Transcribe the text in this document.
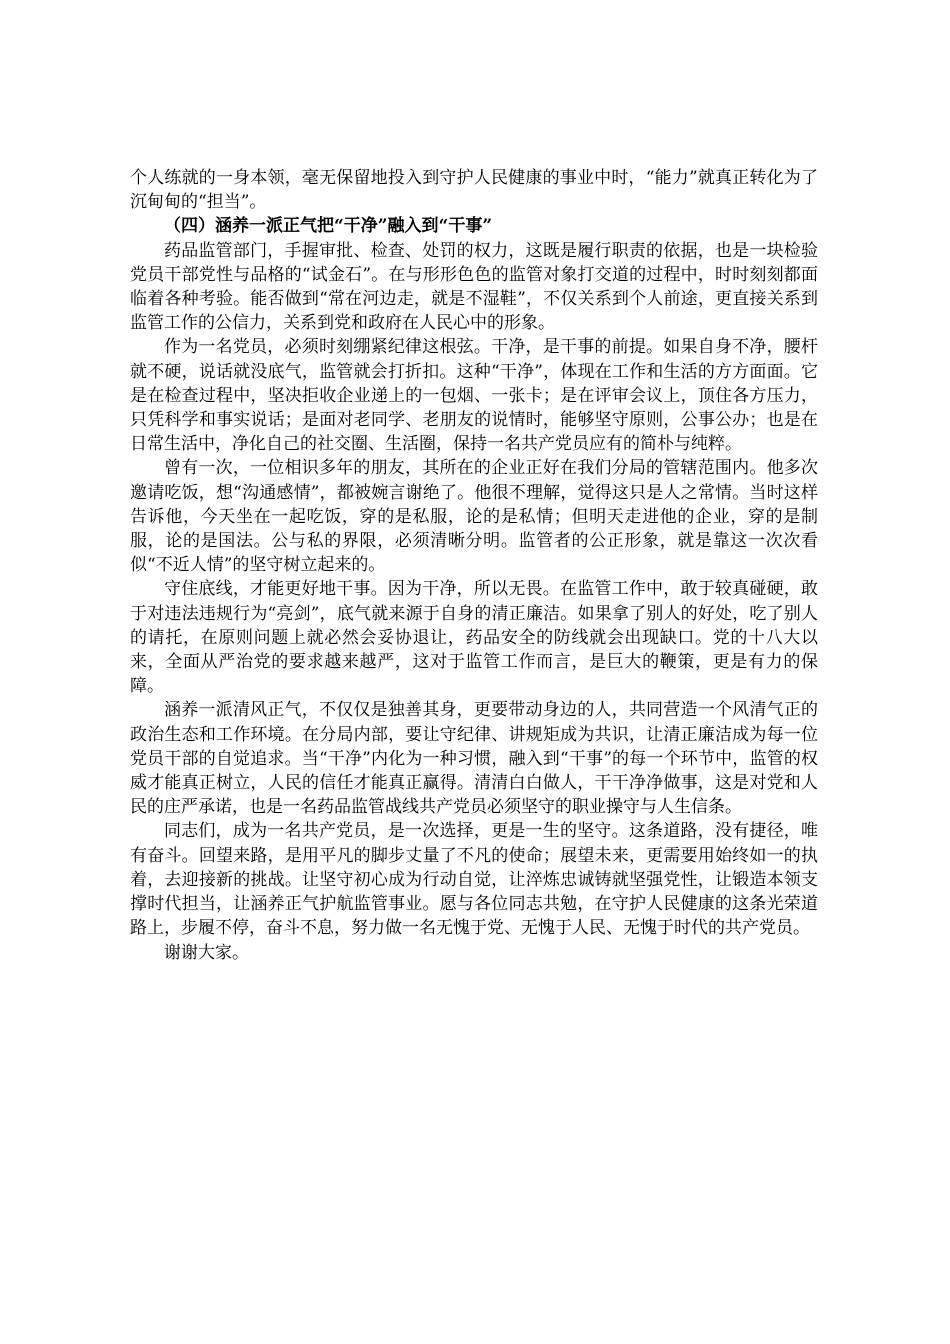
个人练就的一身本领，毫无保留地投入到守护人民健康的事业中时，“能力”就真正转化为了沉甸甸的“担当”。

（四）涵养一派正气把“干净”融入到“干事”

药品监管部门，手握审批、检查、处罚的权力，这既是履行职责的依据，也是一块检验党员干部党性与品格的“试金石”。在与形形色色的监管对象打交道的过程中，时时刻刻都面临着各种考验。能否做到“常在河边走，就是不湿鞋”，不仅关系到个人前途，更直接关系到监管工作的公信力，关系到党和政府在人民心中的形象。

作为一名党员，必须时刻绷紧纪律这根弦。干净，是干事的前提。如果自身不净，腰杆就不硬，说话就没底气，监管就会打折扣。这种“干净”，体现在工作和生活的方方面面。它是在检查过程中，坚决拒收企业递上的一包烟、一张卡；是在评审会议上，顶住各方压力，只凭科学和事实说话；是面对老同学、老朋友的说情时，能够坚守原则，公事公办；也是在日常生活中，净化自己的社交圈、生活圈，保持一名共产党员应有的简朴与纯粹。

曾有一次，一位相识多年的朋友，其所在的企业正好在我们分局的管辖范围内。他多次邀请吃饭，想“沟通感情”，都被婉言谢绝了。他很不理解，觉得这只是人之常情。当时这样告诉他，今天坐在一起吃饭，穿的是私服，论的是私情；但明天走进他的企业，穿的是制服，论的是国法。公与私的界限，必须清晰分明。监管者的公正形象，就是靠这一次次看似“不近人情”的坚守树立起来的。

守住底线，才能更好地干事。因为干净，所以无畏。在监管工作中，敢于较真碰硬，敢于对违法违规行为“亮剑”，底气就来源于自身的清正廉洁。如果拿了别人的好处，吃了别人的请托，在原则问题上就必然会妥协退让，药品安全的防线就会出现缺口。党的十八大以来，全面从严治党的要求越来越严，这对于监管工作而言，是巨大的鞭策，更是有力的保障。

涵养一派清风正气，不仅仅是独善其身，更要带动身边的人，共同营造一个风清气正的政治生态和工作环境。在分局内部，要让守纪律、讲规矩成为共识，让清正廉洁成为每一位党员干部的自觉追求。当“干净”内化为一种习惯，融入到“干事”的每一个环节中，监管的权威才能真正树立，人民的信任才能真正赢得。清清白白做人，干干净净做事，这是对党和人民的庄严承诺，也是一名药品监管战线共产党员必须坚守的职业操守与人生信条。

同志们，成为一名共产党员，是一次选择，更是一生的坚守。这条道路，没有捷径，唯有奋斗。回望来路，是用平凡的脚步丈量了不凡的使命；展望未来，更需要用始终如一的执着，去迎接新的挑战。让坚守初心成为行动自觉，让淬炼忠诚铸就坚强党性，让锻造本领支撑时代担当，让涵养正气护航监管事业。愿与各位同志共勉，在守护人民健康的这条光荣道路上，步履不停，奋斗不息，努力做一名无愧于党、无愧于人民、无愧于时代的共产党员。

谢谢大家。
